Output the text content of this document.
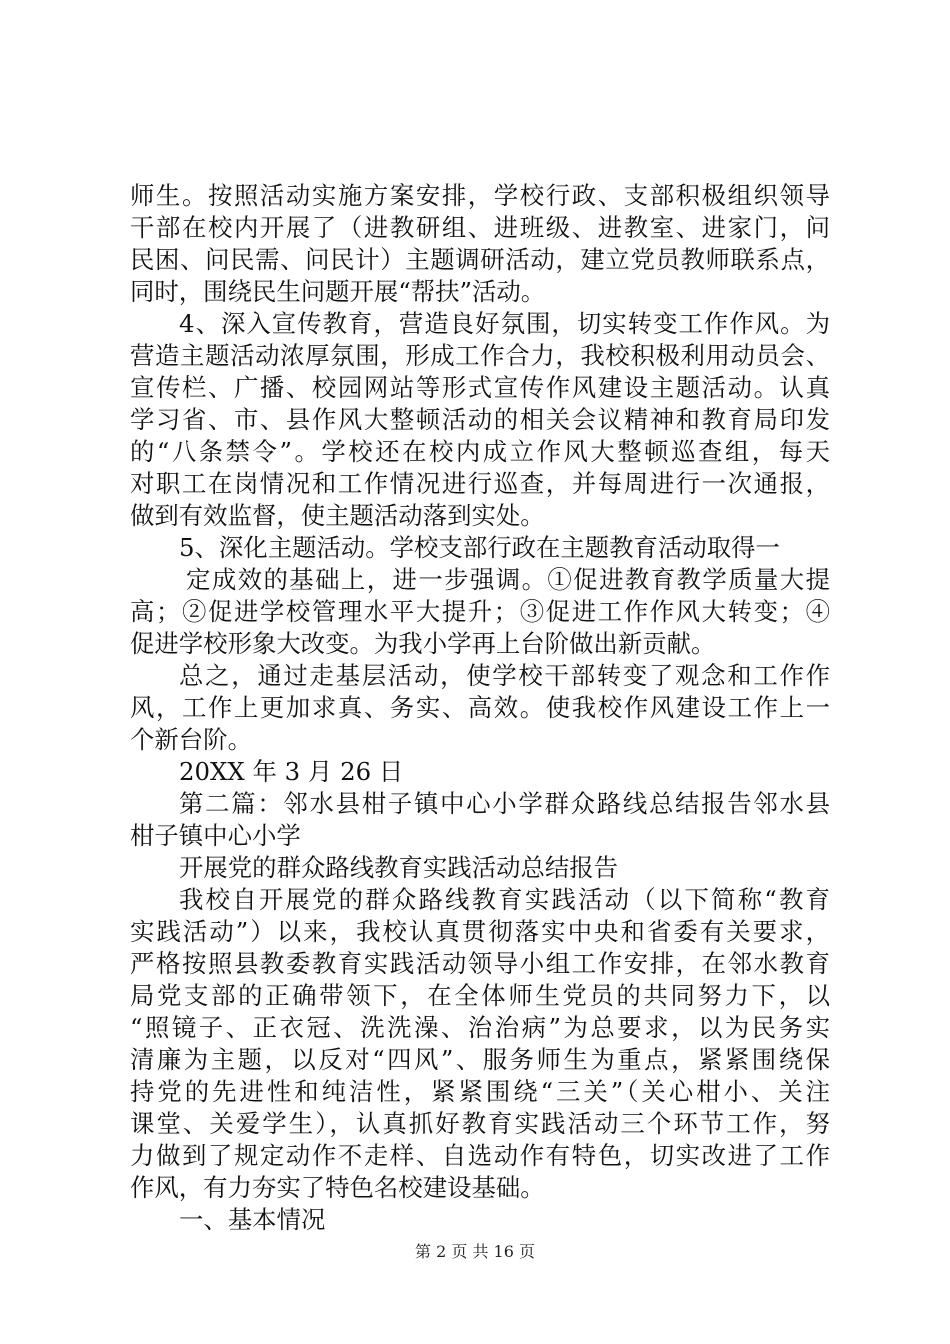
师生。按照活动实施方案安排，学校行政、支部积极组织领导
干部在校内开展了（进教研组、进班级、进教室、进家门，问
民困、问民需、问民计）主题调研活动，建立党员教师联系点，
同时，围绕民生问题开展“帮扶”活动。
4、深入宣传教育，营造良好氛围，切实转变工作作风。为
营造主题活动浓厚氛围，形成工作合力，我校积极利用动员会、
宣传栏、广播、校园网站等形式宣传作风建设主题活动。认真
学习省、市、县作风大整顿活动的相关会议精神和教育局印发
的“八条禁令”。学校还在校内成立作风大整顿巡查组，每天
对职工在岗情况和工作情况进行巡查，并每周进行一次通报，
做到有效监督，使主题活动落到实处。
5、深化主题活动。学校支部行政在主题教育活动取得一
定成效的基础上，进一步强调。①促进教育教学质量大提
高；②促进学校管理水平大提升；③促进工作作风大转变；④
促进学校形象大改变。为我小学再上台阶做出新贡献。
总之，通过走基层活动，使学校干部转变了观念和工作作
风，工作上更加求真、务实、高效。使我校作风建设工作上一
个新台阶。
20XX 年 3 月 26 日
第二篇：邻水县柑子镇中心小学群众路线总结报告邻水县
柑子镇中心小学
开展党的群众路线教育实践活动总结报告
我校自开展党的群众路线教育实践活动（以下简称“教育
实践活动”）以来，我校认真贯彻落实中央和省委有关要求，
严格按照县教委教育实践活动领导小组工作安排，在邻水教育
局党支部的正确带领下，在全体师生党员的共同努力下，以
“照镜子、正衣冠、洗洗澡、治治病”为总要求，以为民务实
清廉为主题，以反对“四风”、服务师生为重点，紧紧围绕保
持党的先进性和纯洁性，紧紧围绕“三关”（关心柑小、关注
课堂、关爱学生），认真抓好教育实践活动三个环节工作，努
力做到了规定动作不走样、自选动作有特色，切实改进了工作
作风，有力夯实了特色名校建设基础。
一、基本情况
第 2 页 共 16 页
